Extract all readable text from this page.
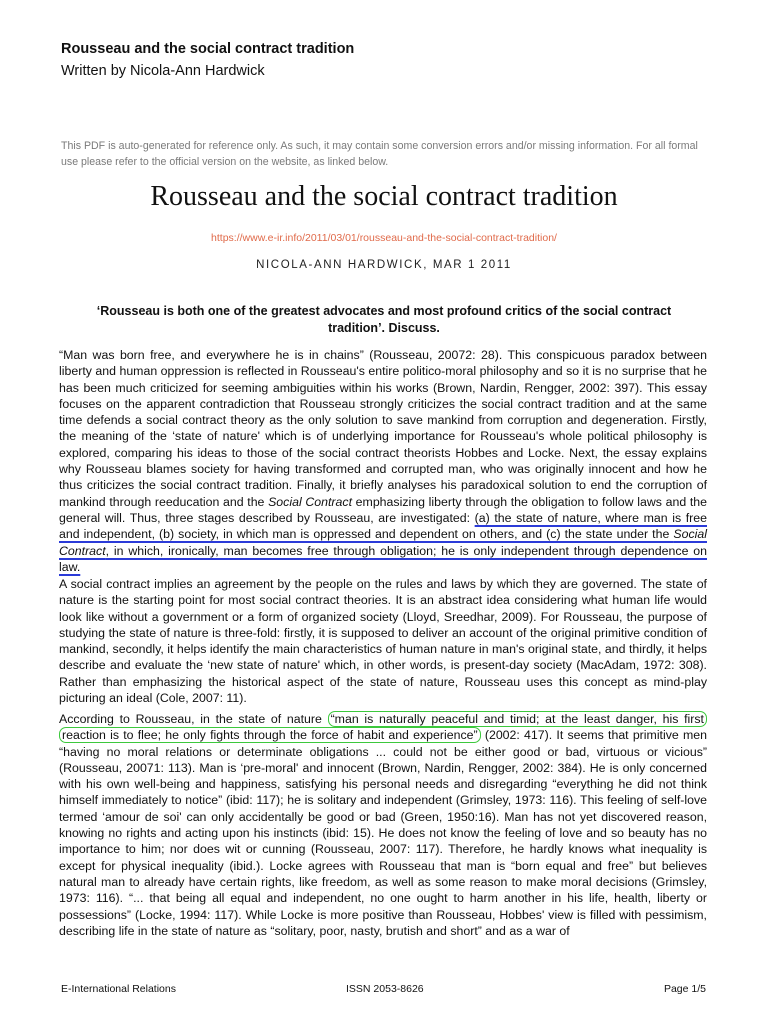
Rousseau and the social contract tradition
Written by Nicola-Ann Hardwick
This PDF is auto-generated for reference only. As such, it may contain some conversion errors and/or missing information. For all formal use please refer to the official version on the website, as linked below.
Rousseau and the social contract tradition
https://www.e-ir.info/2011/03/01/rousseau-and-the-social-contract-tradition/
NICOLA-ANN HARDWICK, MAR 1 2011
‘Rousseau is both one of the greatest advocates and most profound critics of the social contract tradition’. Discuss.
“Man was born free, and everywhere he is in chains” (Rousseau, 20072: 28). This conspicuous paradox between liberty and human oppression is reflected in Rousseau's entire politico-moral philosophy and so it is no surprise that he has been much criticized for seeming ambiguities within his works (Brown, Nardin, Rengger, 2002: 397). This essay focuses on the apparent contradiction that Rousseau strongly criticizes the social contract tradition and at the same time defends a social contract theory as the only solution to save mankind from corruption and degeneration. Firstly, the meaning of the ‘state of nature' which is of underlying importance for Rousseau's whole political philosophy is explored, comparing his ideas to those of the social contract theorists Hobbes and Locke. Next, the essay explains why Rousseau blames society for having transformed and corrupted man, who was originally innocent and how he thus criticizes the social contract tradition. Finally, it briefly analyses his paradoxical solution to end the corruption of mankind through reeducation and the Social Contract emphasizing liberty through the obligation to follow laws and the general will. Thus, three stages described by Rousseau, are investigated: (a) the state of nature, where man is free and independent, (b) society, in which man is oppressed and dependent on others, and (c) the state under the Social Contract, in which, ironically, man becomes free through obligation; he is only independent through dependence on law.
A social contract implies an agreement by the people on the rules and laws by which they are governed. The state of nature is the starting point for most social contract theories. It is an abstract idea considering what human life would look like without a government or a form of organized society (Lloyd, Sreedhar, 2009). For Rousseau, the purpose of studying the state of nature is three-fold: firstly, it is supposed to deliver an account of the original primitive condition of mankind, secondly, it helps identify the main characteristics of human nature in man's original state, and thirdly, it helps describe and evaluate the ‘new state of nature' which, in other words, is present-day society (MacAdam, 1972: 308). Rather than emphasizing the historical aspect of the state of nature, Rousseau uses this concept as mind-play picturing an ideal (Cole, 2007: 11).
According to Rousseau, in the state of nature “man is naturally peaceful and timid; at the least danger, his first reaction is to flee; he only fights through the force of habit and experience” (2002: 417). It seems that primitive men “having no moral relations or determinate obligations ... could not be either good or bad, virtuous or vicious” (Rousseau, 20071: 113). Man is ‘pre-moral' and innocent (Brown, Nardin, Rengger, 2002: 384). He is only concerned with his own well-being and happiness, satisfying his personal needs and disregarding “everything he did not think himself immediately to notice” (ibid: 117); he is solitary and independent (Grimsley, 1973: 116). This feeling of self-love termed ‘amour de soi' can only accidentally be good or bad (Green, 1950:16). Man has not yet discovered reason, knowing no rights and acting upon his instincts (ibid: 15). He does not know the feeling of love and so beauty has no importance to him; nor does wit or cunning (Rousseau, 2007: 117). Therefore, he hardly knows what inequality is except for physical inequality (ibid.). Locke agrees with Rousseau that man is “born equal and free” but believes natural man to already have certain rights, like freedom, as well as some reason to make moral decisions (Grimsley, 1973: 116). “... that being all equal and independent, no one ought to harm another in his life, health, liberty or possessions” (Locke, 1994: 117). While Locke is more positive than Rousseau, Hobbes' view is filled with pessimism, describing life in the state of nature as “solitary, poor, nasty, brutish and short” and as a war of
E-International Relations	ISSN 2053-8626	Page 1/5
